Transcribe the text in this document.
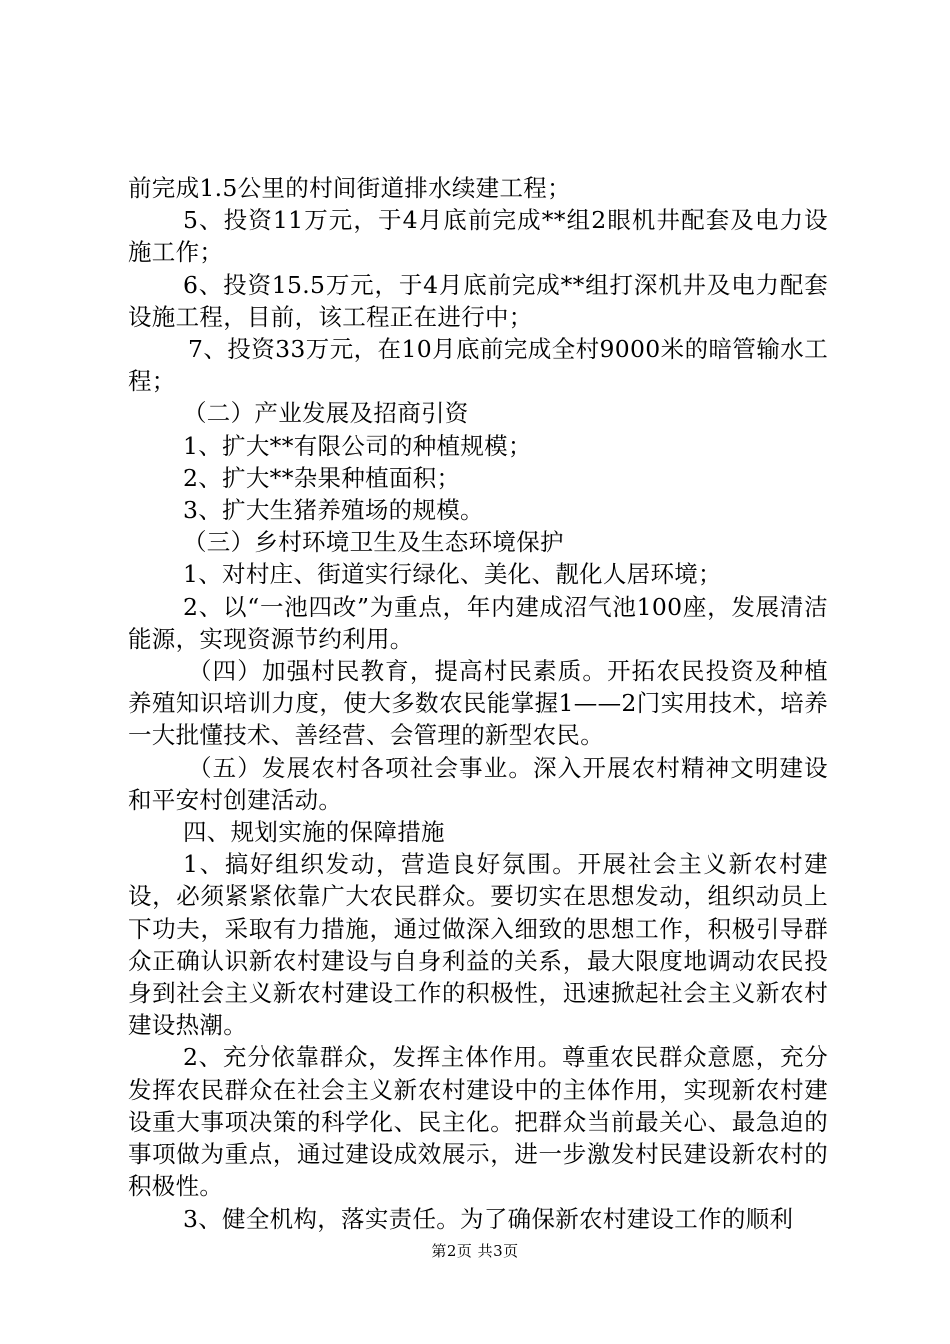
前完成1.5公里的村间街道排水续建工程；

5、投资11万元，于4月底前完成**组2眼机井配套及电力设施工作；

6、投资15.5万元，于4月底前完成**组打深机井及电力配套设施工程，目前，该工程正在进行中；

7、投资33万元，在10月底前完成全村9000米的暗管输水工程；

（二）产业发展及招商引资

1、扩大**有限公司的种植规模；

2、扩大**杂果种植面积；

3、扩大生猪养殖场的规模。

（三）乡村环境卫生及生态环境保护

1、对村庄、街道实行绿化、美化、靓化人居环境；

2、以“一池四改”为重点，年内建成沼气池100座，发展清洁能源，实现资源节约利用。

（四）加强村民教育，提高村民素质。开拓农民投资及种植养殖知识培训力度，使大多数农民能掌握1——2门实用技术，培养一大批懂技术、善经营、会管理的新型农民。

（五）发展农村各项社会事业。深入开展农村精神文明建设和平安村创建活动。

四、规划实施的保障措施

1、搞好组织发动，营造良好氛围。开展社会主义新农村建设，必须紧紧依靠广大农民群众。要切实在思想发动，组织动员上下功夫，采取有力措施，通过做深入细致的思想工作，积极引导群众正确认识新农村建设与自身利益的关系，最大限度地调动农民投身到社会主义新农村建设工作的积极性，迅速掀起社会主义新农村建设热潮。

2、充分依靠群众，发挥主体作用。尊重农民群众意愿，充分发挥农民群众在社会主义新农村建设中的主体作用，实现新农村建设重大事项决策的科学化、民主化。把群众当前最关心、最急迫的事项做为重点，通过建设成效展示，进一步激发村民建设新农村的积极性。

3、健全机构，落实责任。为了确保新农村建设工作的顺利

第2页 共3页
